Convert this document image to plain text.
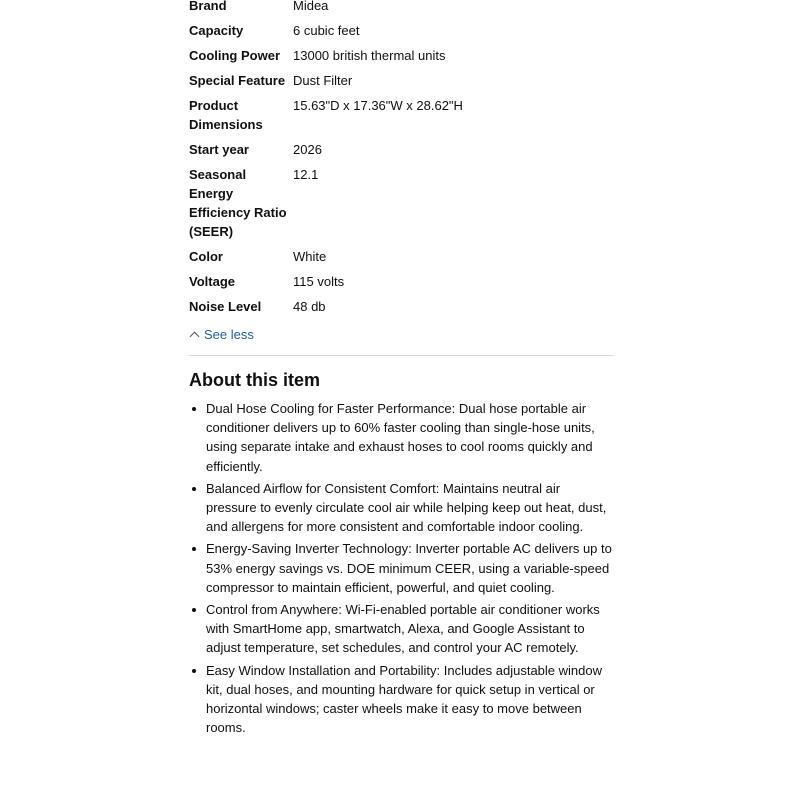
Brand	Midea
Capacity	6 cubic feet
Cooling Power	13000 british thermal units
Special Feature	Dust Filter
Product Dimensions	15.63"D x 17.36"W x 28.62"H
Start year	2026
Seasonal Energy Efficiency Ratio (SEER)	12.1
Color	White
Voltage	115 volts
Noise Level	48 db
See less
About this item
Dual Hose Cooling for Faster Performance: Dual hose portable air conditioner delivers up to 60% faster cooling than single-hose units, using separate intake and exhaust hoses to cool rooms quickly and efficiently.
Balanced Airflow for Consistent Comfort: Maintains neutral air pressure to evenly circulate cool air while helping keep out heat, dust, and allergens for more consistent and comfortable indoor cooling.
Energy-Saving Inverter Technology: Inverter portable AC delivers up to 53% energy savings vs. DOE minimum CEER, using a variable-speed compressor to maintain efficient, powerful, and quiet cooling.
Control from Anywhere: Wi-Fi-enabled portable air conditioner works with SmartHome app, smartwatch, Alexa, and Google Assistant to adjust temperature, set schedules, and control your AC remotely.
Easy Window Installation and Portability: Includes adjustable window kit, dual hoses, and mounting hardware for quick setup in vertical or horizontal windows; caster wheels make it easy to move between rooms.
